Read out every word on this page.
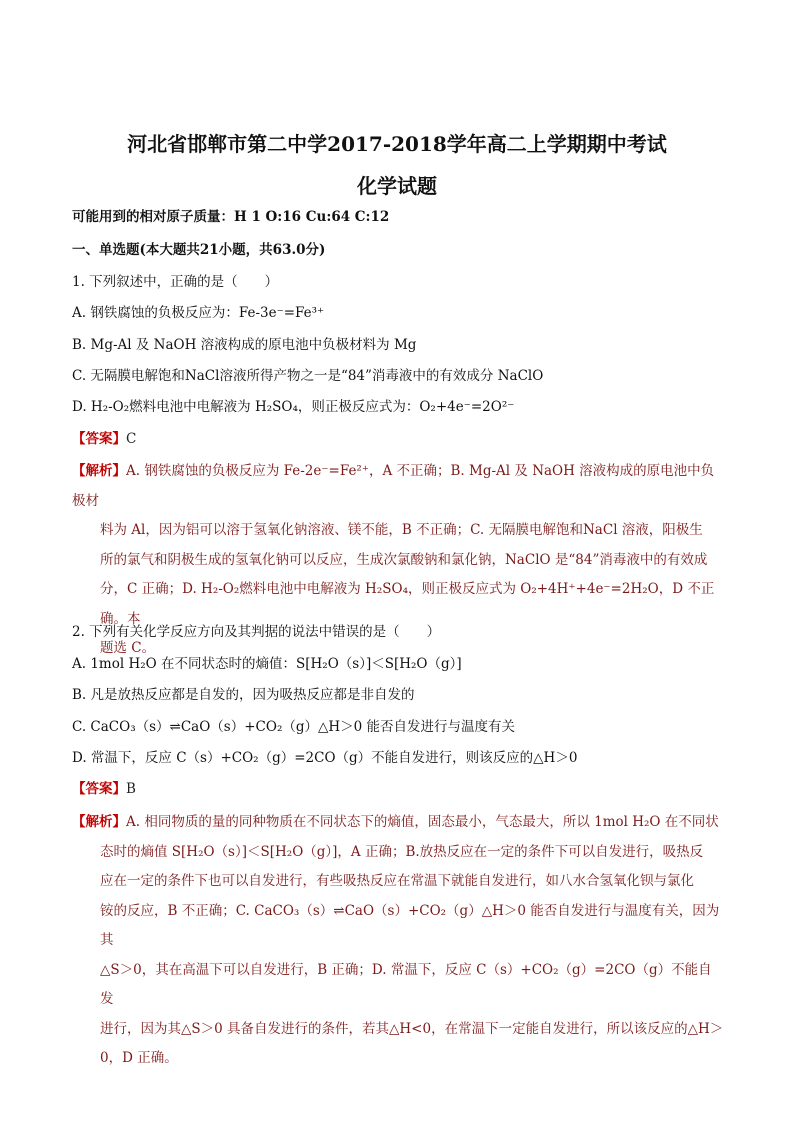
河北省邯郸市第二中学2017-2018学年高二上学期期中考试
化学试题
可能用到的相对原子质量：H 1 O:16 Cu:64 C:12
一、单选题(本大题共21小题，共63.0分)
1. 下列叙述中，正确的是（　　）
A. 钢铁腐蚀的负极反应为：Fe-3e⁻=Fe³⁺
B. Mg-Al 及 NaOH 溶液构成的原电池中负极材料为 Mg
C. 无隔膜电解饱和NaCl溶液所得产物之一是“84”消毒液中的有效成分 NaClO
D. H₂-O₂燃料电池中电解液为 H₂SO₄，则正极反应式为：O₂+4e⁻=2O²⁻
【答案】C
【解析】A. 钢铁腐蚀的负极反应为 Fe-2e⁻=Fe²⁺，A 不正确；B. Mg-Al 及 NaOH 溶液构成的原电池中负极材
料为 Al，因为铝可以溶于氢氧化钠溶液、镁不能，B 不正确；C. 无隔膜电解饱和NaCl 溶液，阳极生
所的氯气和阴极生成的氢氧化钠可以反应，生成次氯酸钠和氯化钠，NaClO 是“84”消毒液中的有效成
分，C 正确；D. H₂-O₂燃料电池中电解液为 H₂SO₄，则正极反应式为 O₂+4H⁺+4e⁻=2H₂O，D 不正确。本
题选 C。
2. 下列有关化学反应方向及其判据的说法中错误的是（　　）
A. 1mol H₂O 在不同状态时的熵值：S[H₂O（s）]＜S[H₂O（g）]
B. 凡是放热反应都是自发的，因为吸热反应都是非自发的
C. CaCO₃（s）⇌CaO（s）+CO₂（g）△H＞0 能否自发进行与温度有关
D. 常温下，反应 C（s）+CO₂（g）=2CO（g）不能自发进行，则该反应的△H＞0
【答案】B
【解析】A. 相同物质的量的同种物质在不同状态下的熵值，固态最小，气态最大，所以 1mol H₂O 在不同状
态时的熵值 S[H₂O（s）]＜S[H₂O（g）]，A 正确；B.放热反应在一定的条件下可以自发进行，吸热反
应在一定的条件下也可以自发进行，有些吸热反应在常温下就能自发进行，如八水合氢氧化钡与氯化
铵的反应，B 不正确；C. CaCO₃（s）⇌CaO（s）+CO₂（g）△H＞0 能否自发进行与温度有关，因为其
△S＞0，其在高温下可以自发进行，B 正确；D. 常温下，反应 C（s）+CO₂（g）=2CO（g）不能自发
进行，因为其△S＞0 具备自发进行的条件，若其△H<0，在常温下一定能自发进行，所以该反应的△H＞
0，D 正确。
